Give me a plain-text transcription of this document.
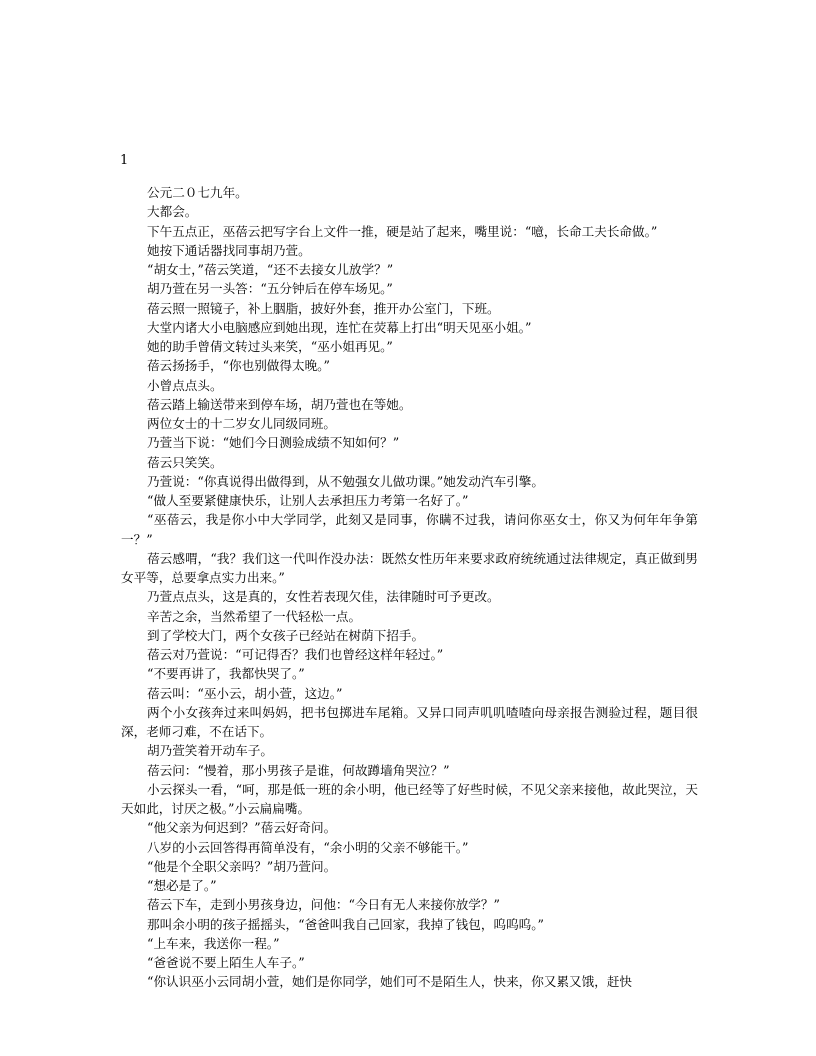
1

公元二０七九年。

大都会。

下午五点正，巫蓓云把写字台上文件一推，硬是站了起来，嘴里说：“噫，长命工夫长命做。”

她按下通话器找同事胡乃萱。

“胡女士，”蓓云笑道，“还不去接女儿放学？”

胡乃萱在另一头答：“五分钟后在停车场见。”

蓓云照一照镜子，补上胭脂，披好外套，推开办公室门，下班。

大堂内诸大小电脑感应到她出现，连忙在荧幕上打出“明天见巫小姐。”

她的助手曾倩文转过头来笑，“巫小姐再见。”

蓓云扬扬手，“你也别做得太晚。”

小曾点点头。

蓓云踏上输送带来到停车场，胡乃萱也在等她。

两位女士的十二岁女儿同级同班。

乃萱当下说：“她们今日测验成绩不知如何？”

蓓云只笑笑。

乃萱说：“你真说得出做得到，从不勉强女儿做功课。”她发动汽车引擎。

“做人至要紧健康快乐，让别人去承担压力考第一名好了。”

“巫蓓云，我是你小中大学同学，此刻又是同事，你瞒不过我，请问你巫女士，你又为何年年争第一？”

蓓云感喟，“我？我们这一代叫作没办法：既然女性历年来要求政府统统通过法律规定，真正做到男女平等，总要拿点实力出来。”

乃萱点点头，这是真的，女性若表现欠佳，法律随时可予更改。

辛苦之余，当然希望了一代轻松一点。

到了学校大门，两个女孩子已经站在树荫下招手。

蓓云对乃萱说：“可记得否？我们也曾经这样年轻过。”

“不要再讲了，我都快哭了。”

蓓云叫：“巫小云，胡小萱，这边。”

两个小女孩奔过来叫妈妈，把书包掷进车尾箱。又异口同声叽叽喳喳向母亲报告测验过程，题目很深，老师刁难，不在话下。

胡乃萱笑着开动车子。

蓓云问：“慢着，那小男孩子是谁，何故蹲墙角哭泣？”

小云探头一看，“呵，那是低一班的余小明，他已经等了好些时候，不见父亲来接他，故此哭泣，天天如此，讨厌之极。”小云扁扁嘴。

“他父亲为何迟到？”蓓云好奇问。

八岁的小云回答得再简单没有，“余小明的父亲不够能干。”

“他是个全职父亲吗？”胡乃萱问。

“想必是了。”

蓓云下车，走到小男孩身边，问他：“今日有无人来接你放学？”

那叫余小明的孩子摇摇头，“爸爸叫我自己回家，我掉了钱包，呜呜呜。”

“上车来，我送你一程。”

“爸爸说不要上陌生人车子。”

“你认识巫小云同胡小萱，她们是你同学，她们可不是陌生人，快来，你又累又饿，赶快
